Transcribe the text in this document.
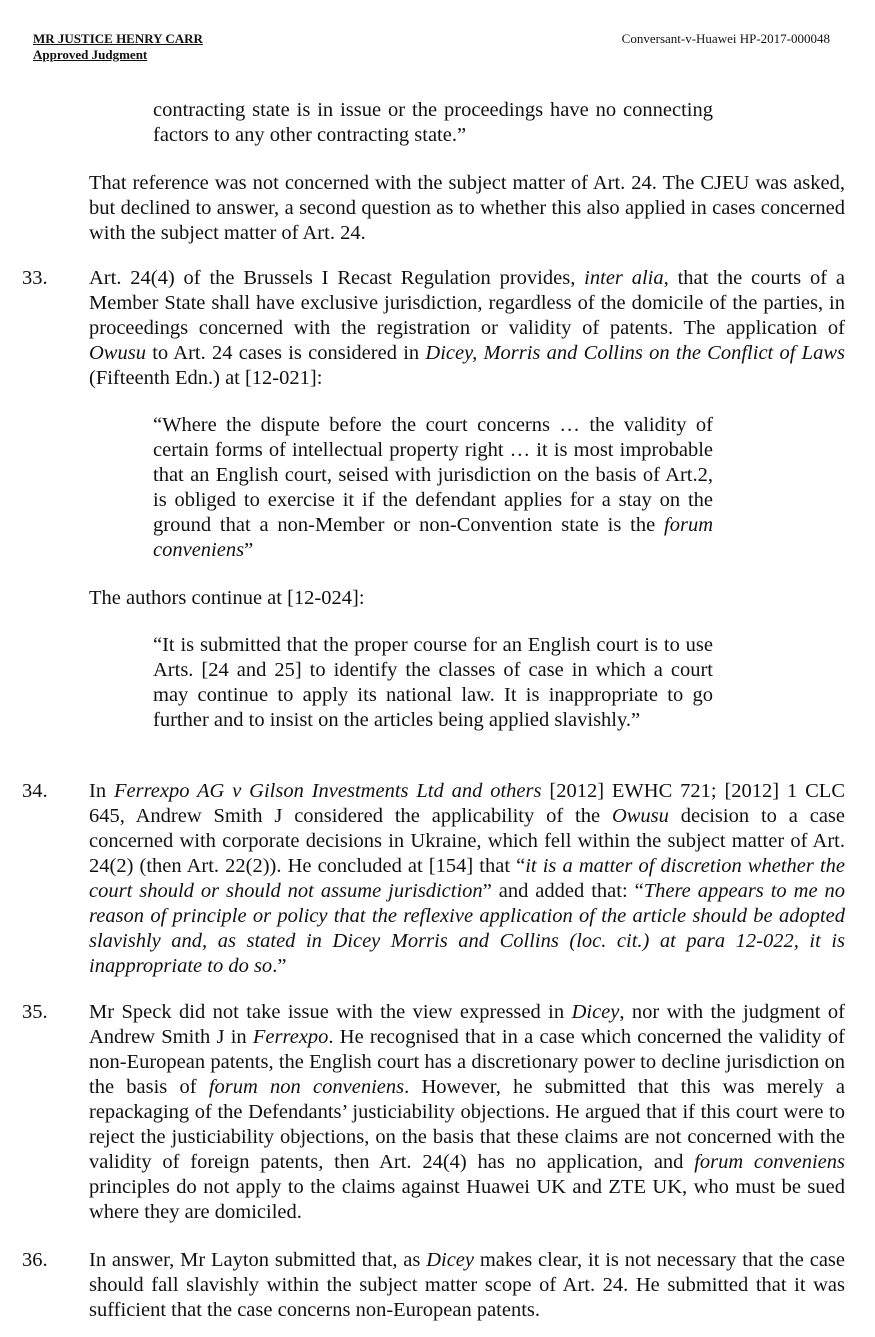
MR JUSTICE HENRY CARR
Approved Judgment
Conversant-v-Huawei HP-2017-000048
contracting state is in issue or the proceedings have no connecting factors to any other contracting state.”
That reference was not concerned with the subject matter of Art. 24. The CJEU was asked, but declined to answer, a second question as to whether this also applied in cases concerned with the subject matter of Art. 24.
33. Art. 24(4) of the Brussels I Recast Regulation provides, inter alia, that the courts of a Member State shall have exclusive jurisdiction, regardless of the domicile of the parties, in proceedings concerned with the registration or validity of patents. The application of Owusu to Art. 24 cases is considered in Dicey, Morris and Collins on the Conflict of Laws (Fifteenth Edn.) at [12-021]:
“Where the dispute before the court concerns … the validity of certain forms of intellectual property right … it is most improbable that an English court, seised with jurisdiction on the basis of Art.2, is obliged to exercise it if the defendant applies for a stay on the ground that a non-Member or non-Convention state is the forum conveniens”
The authors continue at [12-024]:
“It is submitted that the proper course for an English court is to use Arts. [24 and 25] to identify the classes of case in which a court may continue to apply its national law. It is inappropriate to go further and to insist on the articles being applied slavishly.”
34. In Ferrexpo AG v Gilson Investments Ltd and others [2012] EWHC 721; [2012] 1 CLC 645, Andrew Smith J considered the applicability of the Owusu decision to a case concerned with corporate decisions in Ukraine, which fell within the subject matter of Art. 24(2) (then Art. 22(2)). He concluded at [154] that “it is a matter of discretion whether the court should or should not assume jurisdiction” and added that: “There appears to me no reason of principle or policy that the reflexive application of the article should be adopted slavishly and, as stated in Dicey Morris and Collins (loc. cit.) at para 12-022, it is inappropriate to do so.”
35. Mr Speck did not take issue with the view expressed in Dicey, nor with the judgment of Andrew Smith J in Ferrexpo. He recognised that in a case which concerned the validity of non-European patents, the English court has a discretionary power to decline jurisdiction on the basis of forum non conveniens. However, he submitted that this was merely a repackaging of the Defendants’ justiciability objections. He argued that if this court were to reject the justiciability objections, on the basis that these claims are not concerned with the validity of foreign patents, then Art. 24(4) has no application, and forum conveniens principles do not apply to the claims against Huawei UK and ZTE UK, who must be sued where they are domiciled.
36. In answer, Mr Layton submitted that, as Dicey makes clear, it is not necessary that the case should fall slavishly within the subject matter scope of Art. 24. He submitted that it was sufficient that the case concerns non-European patents.
